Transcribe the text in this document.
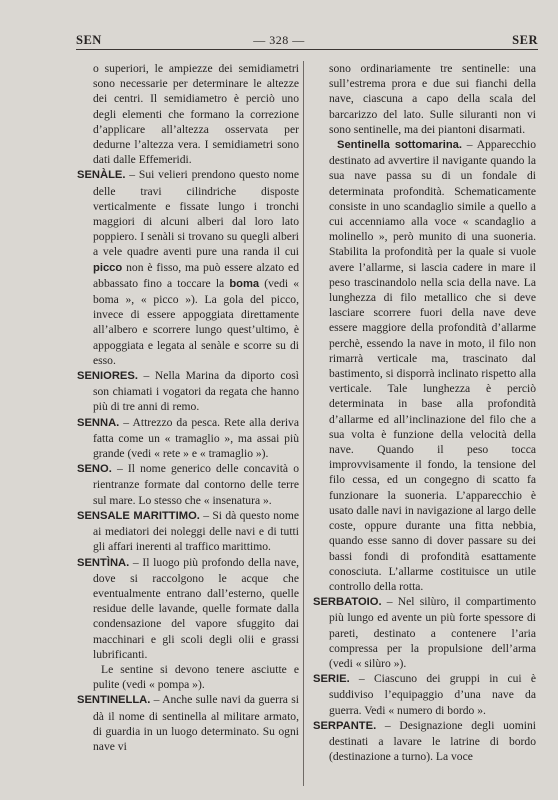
SEN	— 328 —	SER

o superiori, le ampiezze dei semidiametri sono necessarie per determinare le altezze dei centri. Il semidiametro è perciò uno degli elementi che formano la correzione d’applicare all’altezza osservata per dedurne l’altezza vera. I semidiametri sono dati dalle Effemeridi.

SENÀLE. – Sui velieri prendono questo nome delle travi cilindriche disposte verticalmente e fissate lungo i tronchi maggiori di alcuni alberi dal loro lato poppiero. I senàli si trovano su quegli alberi a vele quadre aventi pure una randa il cui picco non è fisso, ma può essere alzato ed abbassato fino a toccare la boma (vedi « boma », « picco »). La gola del picco, invece di essere appoggiata direttamente all’albero e scorrere lungo quest’ultimo, è appoggiata e legata al senàle e scorre su di esso.

SENIORES. – Nella Marina da diporto così son chiamati i vogatori da regata che hanno più di tre anni di remo.

SENNA. – Attrezzo da pesca. Rete alla deriva fatta come un « tramaglio », ma assai più grande (vedi « rete » e « tramaglio »).

SENO. – Il nome generico delle concavità o rientranze formate dal contorno delle terre sul mare. Lo stesso che « insenatura ».

SENSALE MARITTIMO. – Si dà questo nome ai mediatori dei noleggi delle navi e di tutti gli affari inerenti al traffico marittimo.

SENTÌNA. – Il luogo più profondo della nave, dove si raccolgono le acque che eventualmente entrano dall’esterno, quelle residue delle lavande, quelle formate dalla condensazione del vapore sfuggito dai macchinari e gli scoli degli olii e grassi lubrificanti.

Le sentine si devono tenere asciutte e pulite (vedi « pompa »).

SENTINELLA. – Anche sulle navi da guerra si dà il nome di sentinella al militare armato, di guardia in un luogo determinato. Su ogni nave vi

sono ordinariamente tre sentinelle: una sull’estrema prora e due sui fianchi della nave, ciascuna a capo della scala del barcarizzo del lato. Sulle siluranti non vi sono sentinelle, ma dei piantoni disarmati.

Sentinella sottomarina. – Apparecchio destinato ad avvertire il navigante quando la sua nave passa su di un fondale di determinata profondità. Schematicamente consiste in uno scandaglio simile a quello a cui accenniamo alla voce « scandaglio a molinello », però munito di una suoneria. Stabilita la profondità per la quale si vuole avere l’allarme, si lascia cadere in mare il peso trascinandolo nella scia della nave. La lunghezza di filo metallico che si deve lasciare scorrere fuori della nave deve essere maggiore della profondità d’allarme perchè, essendo la nave in moto, il filo non rimarrà verticale ma, trascinato dal bastimento, si disporrà inclinato rispetto alla verticale. Tale lunghezza è perciò determinata in base alla profondità d’allarme ed all’inclinazione del filo che a sua volta è funzione della velocità della nave. Quando il peso tocca improvvisamente il fondo, la tensione del filo cessa, ed un congegno di scatto fa funzionare la suoneria. L’apparecchio è usato dalle navi in navigazione al largo delle coste, oppure durante una fitta nebbia, quando esse sanno di dover passare su dei bassi fondi di profondità esattamente conosciuta. L’allarme costituisce un utile controllo della rotta.

SERBATOIO. – Nel silùro, il compartimento più lungo ed avente un più forte spessore di pareti, destinato a contenere l’aria compressa per la propulsione dell’arma (vedi « silùro »).

SERIE. – Ciascuno dei gruppi in cui è suddiviso l’equipaggio d’una nave da guerra. Vedi « numero di bordo ».

SERPANTE. – Designazione degli uomini destinati a lavare le latrine di bordo (destinazione a turno). La voce
